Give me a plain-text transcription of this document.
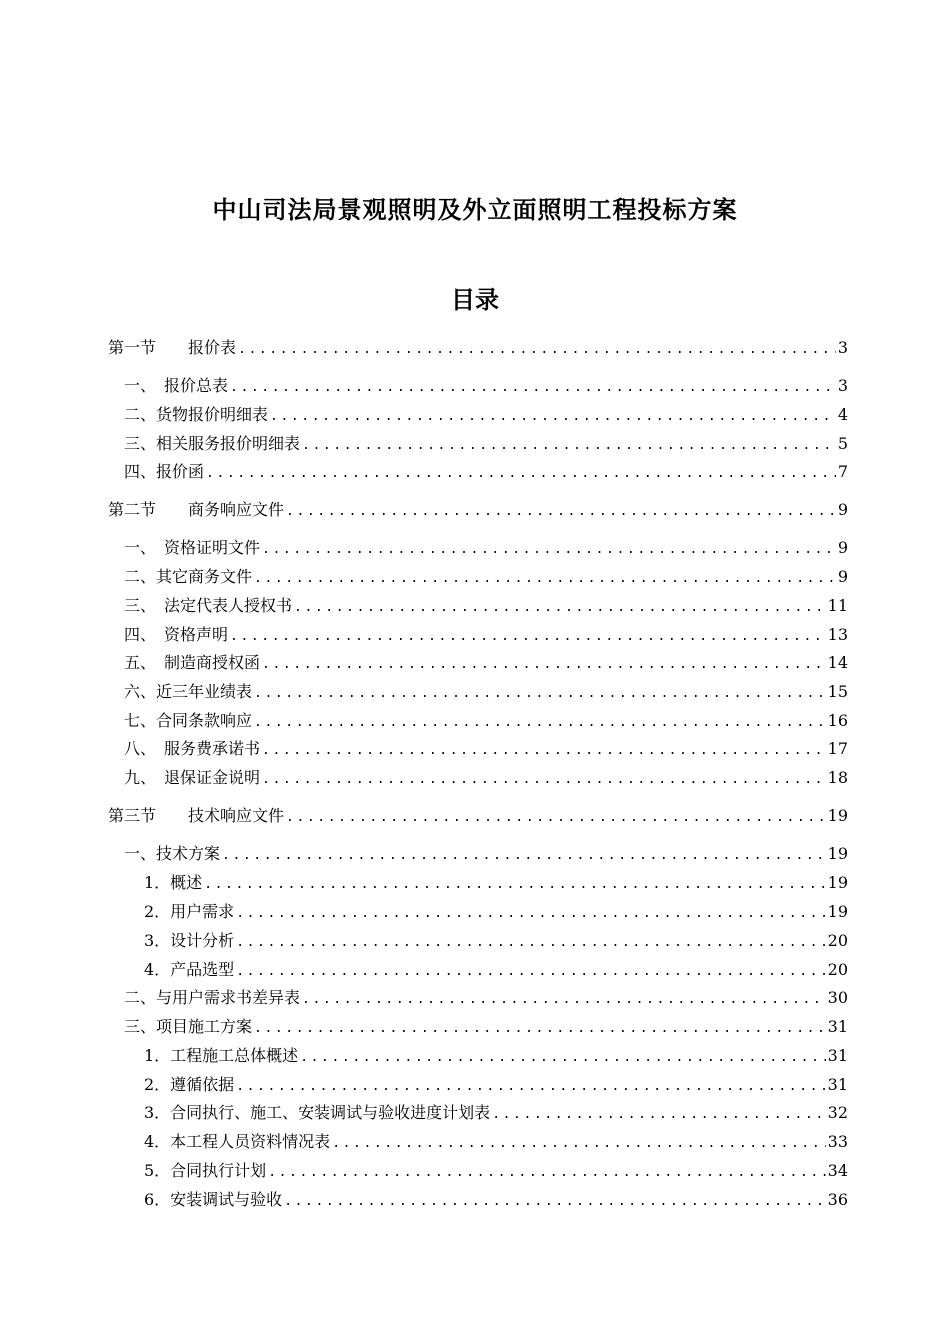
中山司法局景观照明及外立面照明工程投标方案
目录
第一节　　报价表 .....	3
一、　报价总表 .....	3
二、货物报价明细表 .....	4
三、相关服务报价明细表 .....	5
四、报价函 .....	7
第二节　　商务响应文件 .....	9
一、　资格证明文件 .....	9
二、其它商务文件 .....	9
三、　法定代表人授权书 .....	11
四、　资格声明 .....	13
五、　制造商授权函 .....	14
六、近三年业绩表 .....	15
七、合同条款响应 .....	16
八、　服务费承诺书 .....	17
九、　退保证金说明 .....	18
第三节　　技术响应文件 .....	19
一、技术方案 .....	19
1．概述 .....	19
2．用户需求 .....	19
3．设计分析 .....	20
4．产品选型 .....	20
二、与用户需求书差异表 .....	30
三、项目施工方案 .....	31
1．工程施工总体概述 .....	31
2．遵循依据 .....	31
3．合同执行、施工、安装调试与验收进度计划表 .....	32
4．本工程人员资料情况表 .....	33
5．合同执行计划 .....	34
6．安装调试与验收 .....	36
